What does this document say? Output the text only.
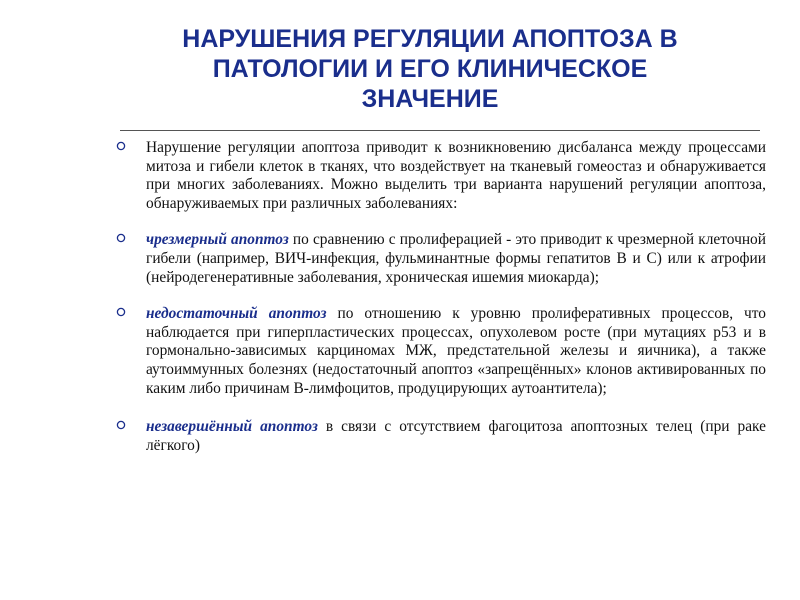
НАРУШЕНИЯ РЕГУЛЯЦИИ АПОПТОЗА В
ПАТОЛОГИИ И ЕГО КЛИНИЧЕСКОЕ
ЗНАЧЕНИЕ
Нарушение регуляции апоптоза приводит к возникновению дисбаланса между процессами митоза и гибели клеток в тканях, что воздействует на тканевый гомеостаз и обнаруживается при многих заболеваниях. Можно выделить три варианта нарушений регуляции апоптоза, обнаруживаемых при различных заболеваниях:
чрезмерный апоптоз по сравнению с пролиферацией - это приводит к чрезмерной клеточной гибели (например, ВИЧ-инфекция, фульминантные формы гепатитов В и С) или к атрофии (нейродегенеративные заболевания, хроническая ишемия миокарда);
недостаточный апоптоз по отношению к уровню пролиферативных процессов, что наблюдается при гиперпластических процессах, опухолевом росте (при мутациях р53 и в гормонально-зависимых карциномах МЖ, предстательной железы и яичника), а также аутоиммунных болезнях (недостаточный апоптоз «запрещённых» клонов активированных по каким либо причинам В-лимфоцитов, продуцирующих аутоантитела);
незавершённый апоптоз в связи с отсутствием фагоцитоза апоптозных телец (при раке лёгкого)
